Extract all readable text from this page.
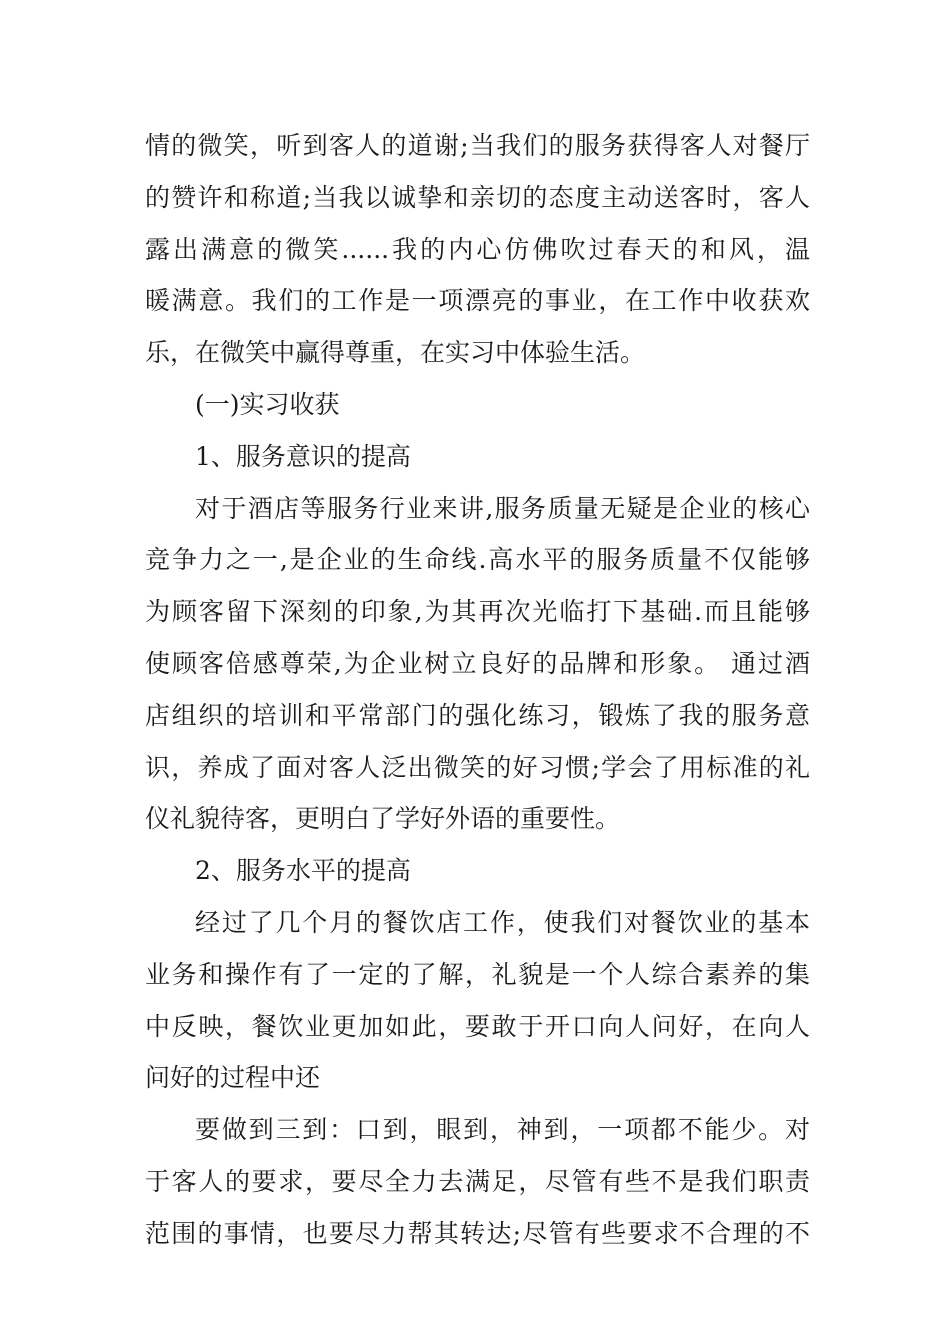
情的微笑，听到客人的道谢;当我们的服务获得客人对餐厅
的赞许和称道;当我以诚挚和亲切的态度主动送客时，客人
露出满意的微笑......我的内心仿佛吹过春天的和风，温
暖满意。我们的工作是一项漂亮的事业，在工作中收获欢
乐，在微笑中赢得尊重，在实习中体验生活。
(一)实习收获
1、服务意识的提高
对于酒店等服务行业来讲,服务质量无疑是企业的核心
竞争力之一,是企业的生命线.高水平的服务质量不仅能够
为顾客留下深刻的印象,为其再次光临打下基础.而且能够
使顾客倍感尊荣,为企业树立良好的品牌和形象。 通过酒
店组织的培训和平常部门的强化练习，锻炼了我的服务意
识，养成了面对客人泛出微笑的好习惯;学会了用标准的礼
仪礼貌待客，更明白了学好外语的重要性。
2、服务水平的提高
经过了几个月的餐饮店工作，使我们对餐饮业的基本
业务和操作有了一定的了解，礼貌是一个人综合素养的集
中反映，餐饮业更加如此，要敢于开口向人问好，在向人
问好的过程中还
要做到三到：口到，眼到，神到，一项都不能少。对
于客人的要求，要尽全力去满足，尽管有些不是我们职责
范围的事情，也要尽力帮其转达;尽管有些要求不合理的不
